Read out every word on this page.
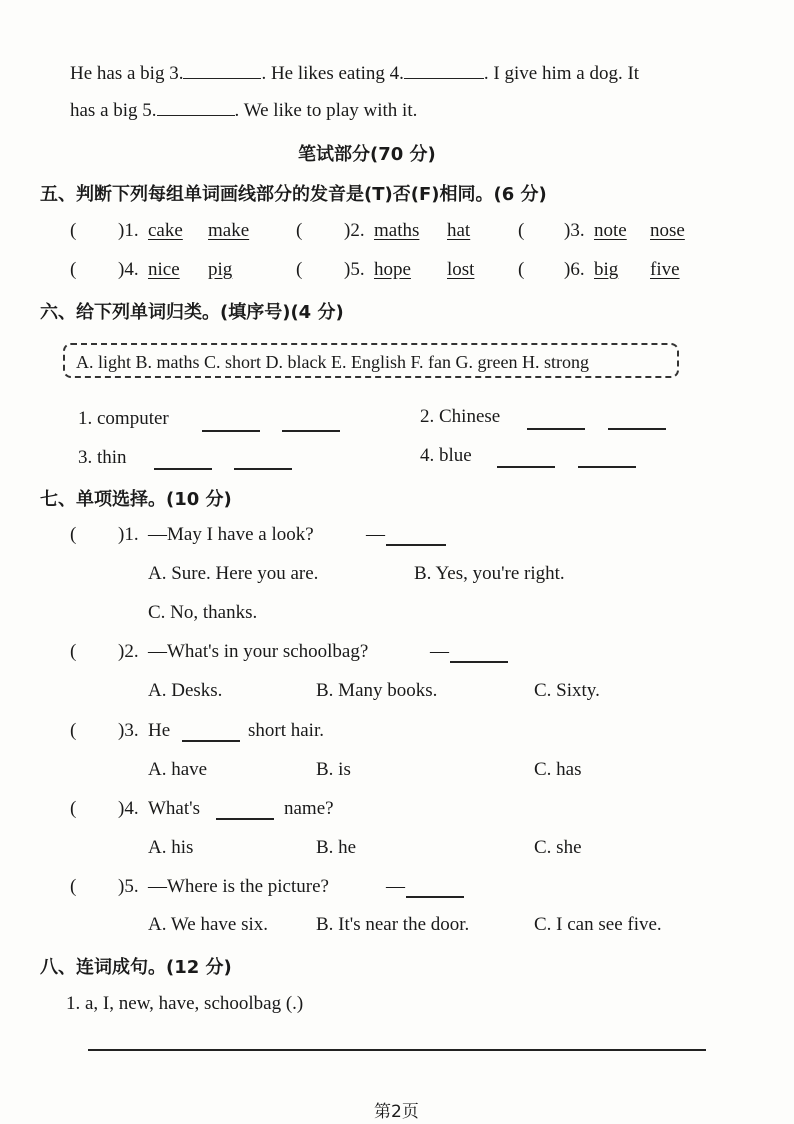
He has a big 3.	. He likes eating 4.	. I give him a dog. It
has a big 5.	. We like to play with it.
笔试部分(70 分)
五、判断下列每组单词画线部分的发音是(T)否(F)相同。(6 分)
( )1. cake make ( )2. maths hat	( )3. note nose
( )4. nice pig	( )5. hope lost ( )6. big five
六、给下列单词归类。(填序号)(4 分)
A. light B. maths C. short D. black E. English F. fan G. green H. strong
1. computer	2. Chinese
3. thin	4. blue
七、单项选择。(10 分)
( )1. —May I have a look?	—
A. Sure. Here you are.	B. Yes, you're right.
C. No, thanks.
( )2. —What's in your schoolbag?	—
A. Desks.	B. Many books.	C. Sixty.
( )3. He	short hair.
A. have	B. is	C. has
( )4. What's	name?
A. his	B. he	C. she
( )5. —Where is the picture?	—
A. We have six.	B. It's near the door.	C. I can see five.
八、连词成句。(12 分)
1. a, I, new, have, schoolbag (.)
第2页
